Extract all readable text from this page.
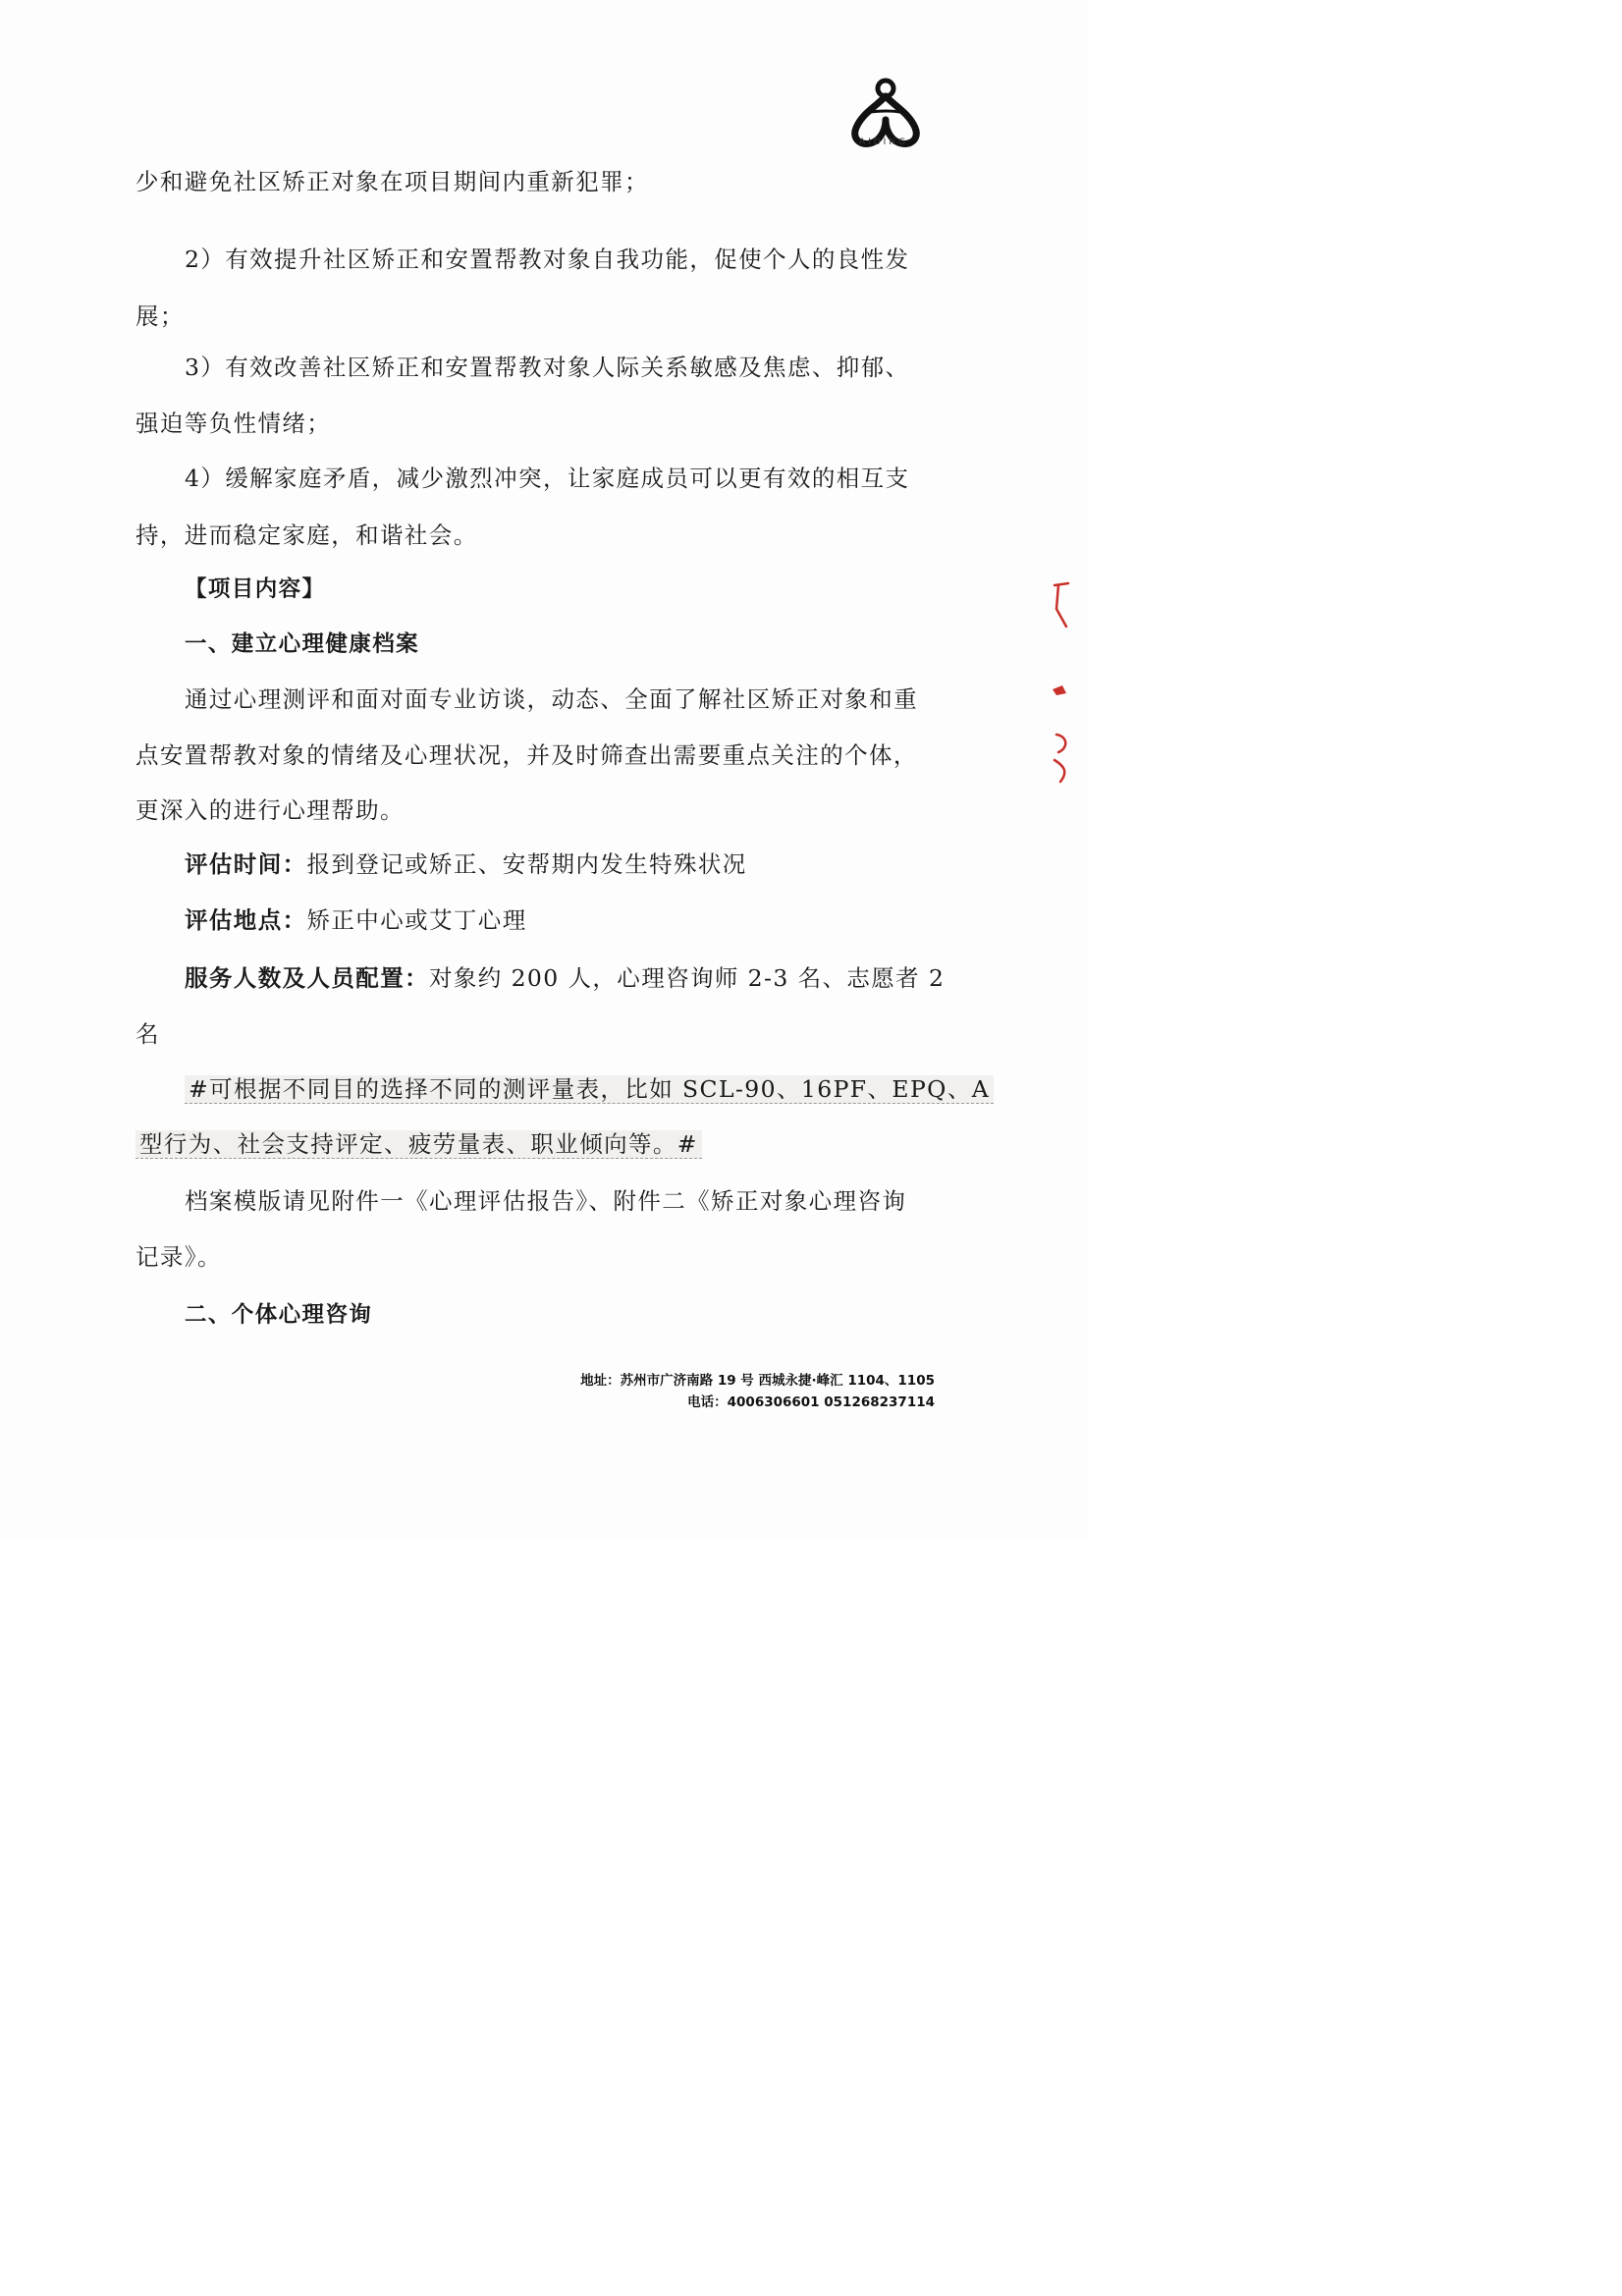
AIDING
少和避免社区矫正对象在项目期间内重新犯罪；
2）有效提升社区矫正和安置帮教对象自我功能，促使个人的良性发
展；
3）有效改善社区矫正和安置帮教对象人际关系敏感及焦虑、抑郁、
强迫等负性情绪；
4）缓解家庭矛盾，减少激烈冲突，让家庭成员可以更有效的相互支
持，进而稳定家庭，和谐社会。
【项目内容】
一、建立心理健康档案
通过心理测评和面对面专业访谈，动态、全面了解社区矫正对象和重
点安置帮教对象的情绪及心理状况，并及时筛查出需要重点关注的个体，
更深入的进行心理帮助。
评估时间：报到登记或矫正、安帮期内发生特殊状况
评估地点：矫正中心或艾丁心理
服务人数及人员配置：对象约 200 人，心理咨询师 2-3 名、志愿者 2
名
#可根据不同目的选择不同的测评量表，比如 SCL-90、16PF、EPQ、A
型行为、社会支持评定、疲劳量表、职业倾向等。#
档案模版请见附件一《心理评估报告》、附件二《矫正对象心理咨询
记录》。
二、个体心理咨询
地址：苏州市广济南路 19 号 西城永捷·峰汇 1104、1105
电话：4006306601 051268237114
